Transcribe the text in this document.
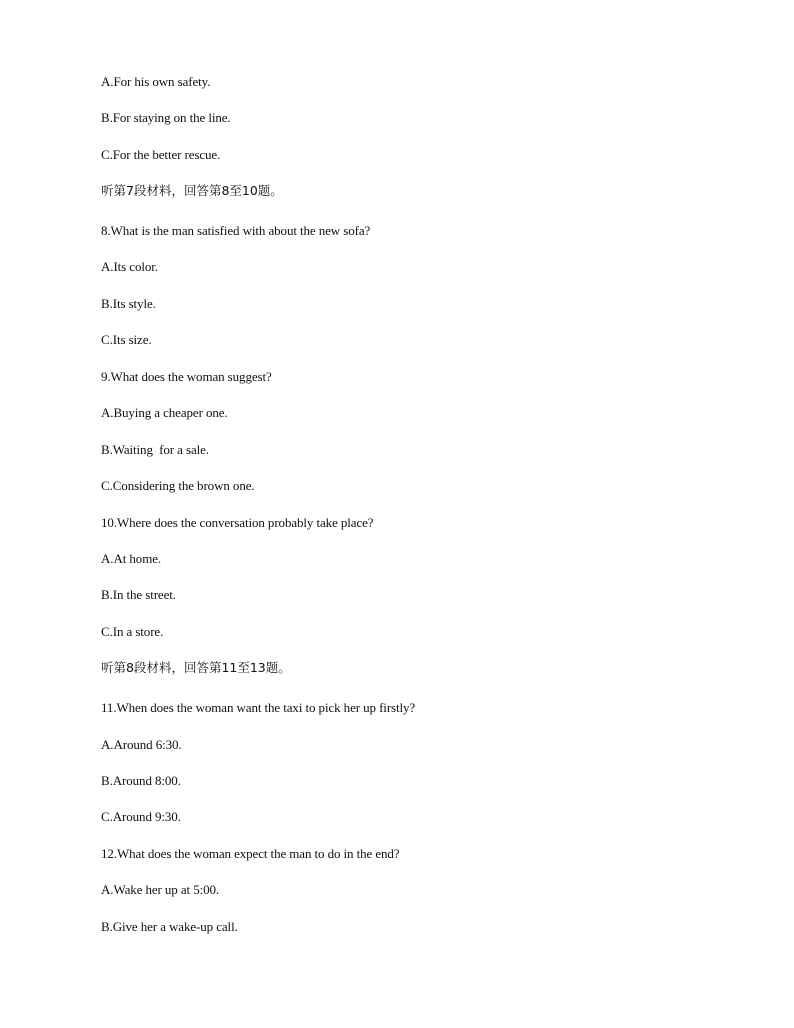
A.For his own safety.
B.For staying on the line.
C.For the better rescue.
听第7段材料，回答第8至10题。
8.What is the man satisfied with about the new sofa?
A.Its color.
B.Its style.
C.Its size.
9.What does the woman suggest?
A.Buying a cheaper one.
B.Waiting  for a sale.
C.Considering the brown one.
10.Where does the conversation probably take place?
A.At home.
B.In the street.
C.In a store.
听第8段材料，回答第11至13题。
11.When does the woman want the taxi to pick her up firstly?
A.Around 6:30.
B.Around 8:00.
C.Around 9:30.
12.What does the woman expect the man to do in the end?
A.Wake her up at 5:00.
B.Give her a wake-up call.
